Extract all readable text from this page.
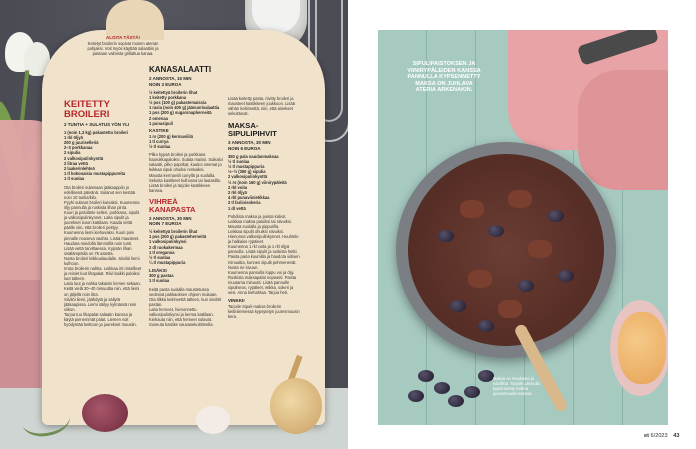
ALOITA TÄSTÄ!

Keitetyt broilerin sopivat monen aterian pohjaksi. Voit myös käyttää salaattiin ja pastaan valmista grillattua kanaa.

KEITETTY BROILERI

2 TUNTIA + SULATUS YÖN YLI

1 (noin 1,3 kg) pakastettu broileri

1 rkl öljyä

200 g juuriselleriä

2–3 porkkanaa

2 sipulia

2 valkosipulinkynttä

2 litraa vettä

2 laakerinlehteä

1 tl kokonaisia mustapippureita

1 tl suolaa

Ota broileri sulamaan jääkaappiin jo edellisenä päivänä. Sulanut sen kestää noin 10 tuntia/kilo.

Pyyhi sulanut broileri kuivaksi. Kuumenna öljy pannulla ja ruskista lihan pinta.

Kuori ja paloittele selleri, porkkana, sipulit ja valkosipulinkynnet. Laita sipulit ja juurekset isoon kattilaan. Kaada vettä päälle niin, että broileri peittyy.

Kuumenna liemi kiehuvaksi. Kuori pois pinnalle nouseva vaahto. Lisää mausteet. Hauduta miedolla lämmöllä noin tunti. Lisää vettä tarvittaessa. Kypsän lihan sisälämpötila on 75 astetta.

Nosta broileri leikkuulaudalle. Siivilöi liemi kulhoon.

Irrota broilerin nahka. Leikkaa irti rintafileet ja reisiet luut lihapalat. Riivi kaikki paloiksi luut talteen.

Laita luut ja nahka takaisin liemen sekaan. Keitä vielä 30–40 minuuttia niin, että liemi on jäljellä noin litra.

Siivilöi liemi, jäähdytä ja säilytä jääkaapissa. Liemi säilyy kylmässä noin viikon.

Tarjoa tuo lihapalat salaatin kanssa ja käytä pienemmät palat. Liemen voit hyödyntää keittoon ja juurekset muusiin.

KANASALAATTI

2 ANNOSTA, 15 MIN
NOIN 3 EUROA

½ keitettyä broilerin lihat

1 keitetty porkkana

½ pss (100 g) pakastemaissia

1 rasia (noin 400 g) jäävuorisalaattia

1 pss (200 g) sugarsnapherneitä

2 omenaa

1 punasipuli

KASTIKE

1 rs (200 g) kermaviiliä

1 tl currya

½ tl suolaa

Pilko kypsä broileri ja porkkana haarukkapaloiksi. Sulata maissi. Suikaloi salaatti, pilko paprikat, kuutioi omenat ja leikkaa sipuli ohuiksi renkaiksi.

Mausta kermaviili curryllä ja suolalla.

Sekoita kastikeet kulhossa tai lautasilla. Lisää broileri ja tarjoile kastikkeen kanssa.

VIHREÄ KANAPASTA

2 ANNOSTA, 30 MIN
NOIN 7 EUROA

½ keitettyä broilerin lihat

1 pss (200 g) pakasteherneitä

1 valkosipulinkynsi

2 dl ruokakermaa

1 tl oreganoa

½ tl suolaa

¼ tl mustapippuria

LISÄKSI

300 g pastaa

1 tl suolaa

Keitä pasta suolalla maustetussa vedessä pakkauksen ohjeen mukaan. Ota tilkka keitinvettä talteen, kun siivilöit pastan.

Laita herneet, hienonnettu valkosipulinkynsi ja kerma kattilaan. Kiehauta niin, että herneet sulavat. Soseuta kastike sauvasekoittimella.

Lisää keitetty pasta, riivitty broileri ja mausteet kastikkeen joukkoon. Lisää vähän keitinvettä, niin, että ainekset sekoittuvat.

MAKSA-SIPULIPIHVIT

3 ANNOSTA, 30 MIN
NOIN 6 EUROA

350 g pala naudanmaksaa

½ tl suolaa

½ tl mustapippuria

⅓–½ (350 g) sipulia

2 valkosipulinkynttä

½ rs (noin 160 g) viinirypäleitä

2 rkl voita

2 rkl öljyä

4 rkl punaviinietikkaa

2 tl fariinisokeria

1 dl vettä

Puhdista maksa ja poista kalvot. Leikkaa maksa paloiksi tai siivuiksi. Mausta suolalla ja pippurilla.

Leikkaa sipulit ohuiksi siivuiksi. Hienonna valkosipulinkynnet. Huuhtele ja halkaise rypäleet.

Kuumenna 1 rkl voita ja 1 rkl öljyä pannulla. Lisää sipulit ja ruskista hetki. Paista paria kuumilla ja haudota viitisen minuuttia, kunnes sipulit pehmenevät. Nosta ne sivuun.

Kuumenna pannulla loppu voi ja öljy. Ruskista maksapalat nopeasti. Paista muutama minuutti. Lisää pannulle sipuliseos, rypäleet, etikka, sokeri ja vesi. Anna kiehahtaa. Tarjoa heti.

VINKKI!

Tarjoile Sipuli-maksa broilerin keitinliemessä kypsytetyn juuresmuusin kera.

SIPULIPAISTOKSEN JA VIINIRYPÄLEIDEN KANSSA PANNULLA KYPSENNETTY MAKSA ON JUHLAVA ATERIA ARKENAKIN.
Maksa on maukasta ja edullista. Tarjoile pannulla kypsennetty maksa juuresmuusin kanssa.
et 6/2023 43
